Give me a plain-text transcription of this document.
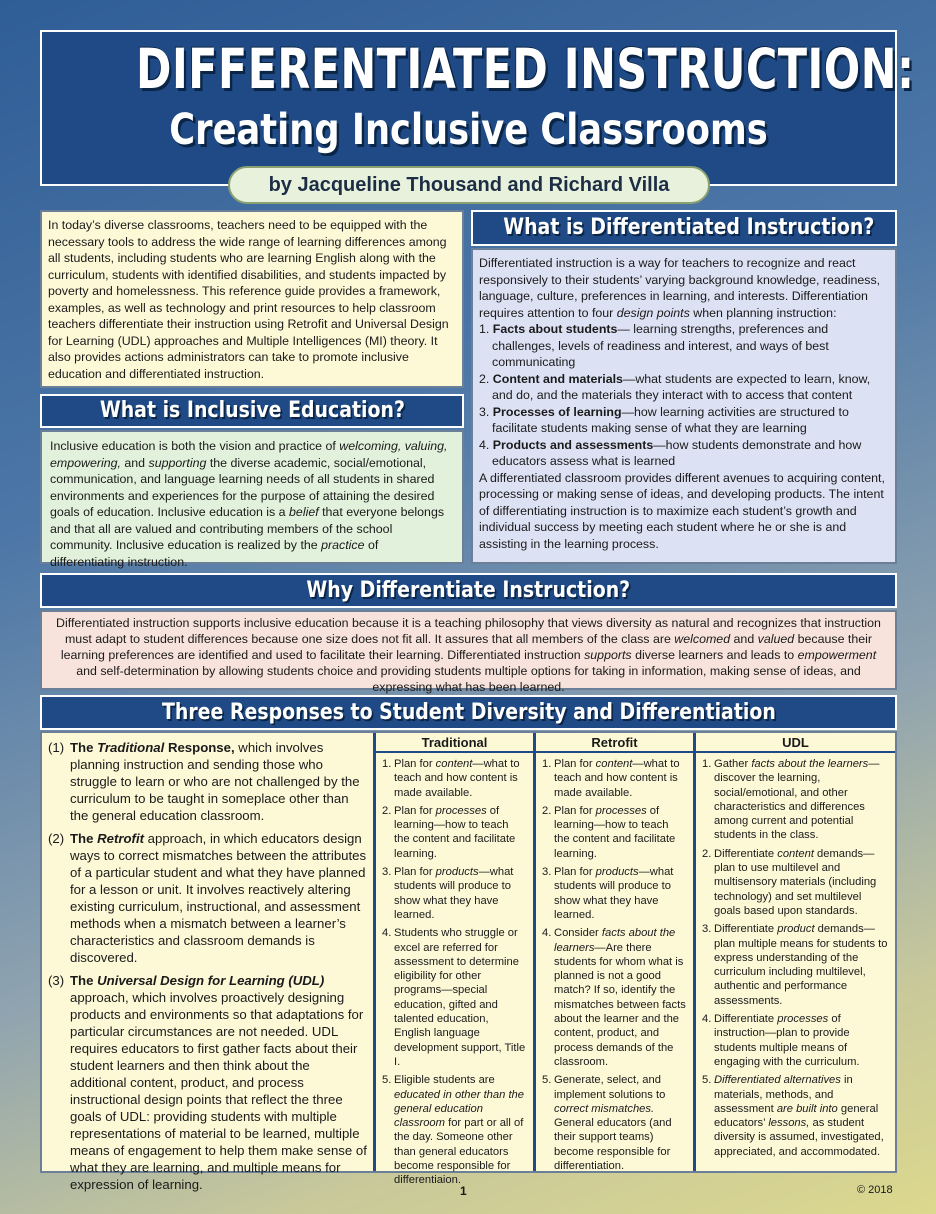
DIFFERENTIATED INSTRUCTION:
Creating Inclusive Classrooms
by Jacqueline Thousand and Richard Villa
In today’s diverse classrooms, teachers need to be equipped with the necessary tools to address the wide range of learning differences among all students, including students who are learning English along with the curriculum, students with identified disabilities, and students impacted by poverty and homelessness. This reference guide provides a framework, examples, as well as technology and print resources to help classroom teachers differentiate their instruction using Retrofit and Universal Design for Learning (UDL) approaches and Multiple Intelligences (MI) theory. It also provides actions administrators can take to promote inclusive education and differentiated instruction.
What is Inclusive Education?
Inclusive education is both the vision and practice of welcoming, valuing, empowering, and supporting the diverse academic, social/emotional, communication, and language learning needs of all students in shared environments and experiences for the purpose of attaining the desired goals of education. Inclusive education is a belief that everyone belongs and that all are valued and contributing members of the school community. Inclusive education is realized by the practice of differentiating instruction.
What is Differentiated Instruction?

Differentiated instruction is a way for teachers to recognize and react responsively to their students’ varying background knowledge, readiness, language, culture, preferences in learning, and interests. Differentiation requires attention to four design points when planning instruction:

1. Facts about students— learning strengths, preferences and challenges, levels of readiness and interest, and ways of best communicating
2. Content and materials—what students are expected to learn, know, and do, and the materials they interact with to access that content
3. Processes of learning—how learning activities are structured to facilitate students making sense of what they are learning
4. Products and assessments—how students demonstrate and how educators assess what is learned

A differentiated classroom provides different avenues to acquiring content, processing or making sense of ideas, and developing products. The intent of differentiating instruction is to maximize each student’s growth and individual success by meeting each student where he or she is and assisting in the learning process.

Why Differentiate Instruction?
Differentiated instruction supports inclusive education because it is a teaching philosophy that views diversity as natural and recognizes that instruction must adapt to student differences because one size does not fit all. It assures that all members of the class are welcomed and valued because their learning preferences are identified and used to facilitate their learning. Differentiated instruction supports diverse learners and leads to empowerment and self-determination by allowing students choice and providing students multiple options for taking in information, making sense of ideas, and expressing what has been learned.
Three Responses to Student Diversity and Differentiation
(1) The Traditional Response, which involves planning instruction and sending those who struggle to learn or who are not challenged by the curriculum to be taught in someplace other than the general education classroom.
(2) The Retrofit approach, in which educators design ways to correct mismatches between the attributes of a particular student and what they have planned for a lesson or unit. It involves reactively altering existing curriculum, instructional, and assessment methods when a mismatch between a learner’s characteristics and classroom demands is discovered.
(3) The Universal Design for Learning (UDL) approach, which involves proactively designing products and environments so that adaptations for particular circumstances are not needed. UDL requires educators to first gather facts about their student learners and then think about the additional content, product, and process instructional design points that reflect the three goals of UDL: providing students with multiple representations of material to be learned, multiple means of engagement to help them make sense of what they are learning, and multiple means for expression of learning.
Traditional
1. Plan for content—what to teach and how content is made available.
2. Plan for processes of learning—how to teach the content and facilitate learning.
3. Plan for products—what students will produce to show what they have learned.
4. Students who struggle or excel are referred for assessment to determine eligibility for other programs—special education, gifted and talented education, English language development support, Title I.
5. Eligible students are educated in other than the general education classroom for part or all of the day. Someone other than general educators become responsible for differentiaion.
Retrofit
1. Plan for content—what to teach and how content is made available.
2. Plan for processes of learning—how to teach the content and facilitate learning.
3. Plan for products—what students will produce to show what they have learned.
4. Consider facts about the learners—Are there students for whom what is planned is not a good match? If so, identify the mismatches between facts about the learner and the content, product, and process demands of the classroom.
5. Generate, select, and implement solutions to correct mismatches. General educators (and their support teams) become responsible for differentiation.
UDL
1. Gather facts about the learners—discover the learning, social/emotional, and other characteristics and differences among current and potential students in the class.
2. Differentiate content demands—plan to use multilevel and multisensory materials (including technology) and set multilevel goals based upon standards.
3. Differentiate product demands—plan multiple means for students to express understanding of the curriculum including multilevel, authentic and performance assessments.
4. Differentiate processes of instruction—plan to provide students multiple means of engaging with the curriculum.
5. Differentiated alternatives in materials, methods, and assessment are built into general educators’ lessons, as student diversity is assumed, investigated, appreciated, and accommodated.
1	© 2018
